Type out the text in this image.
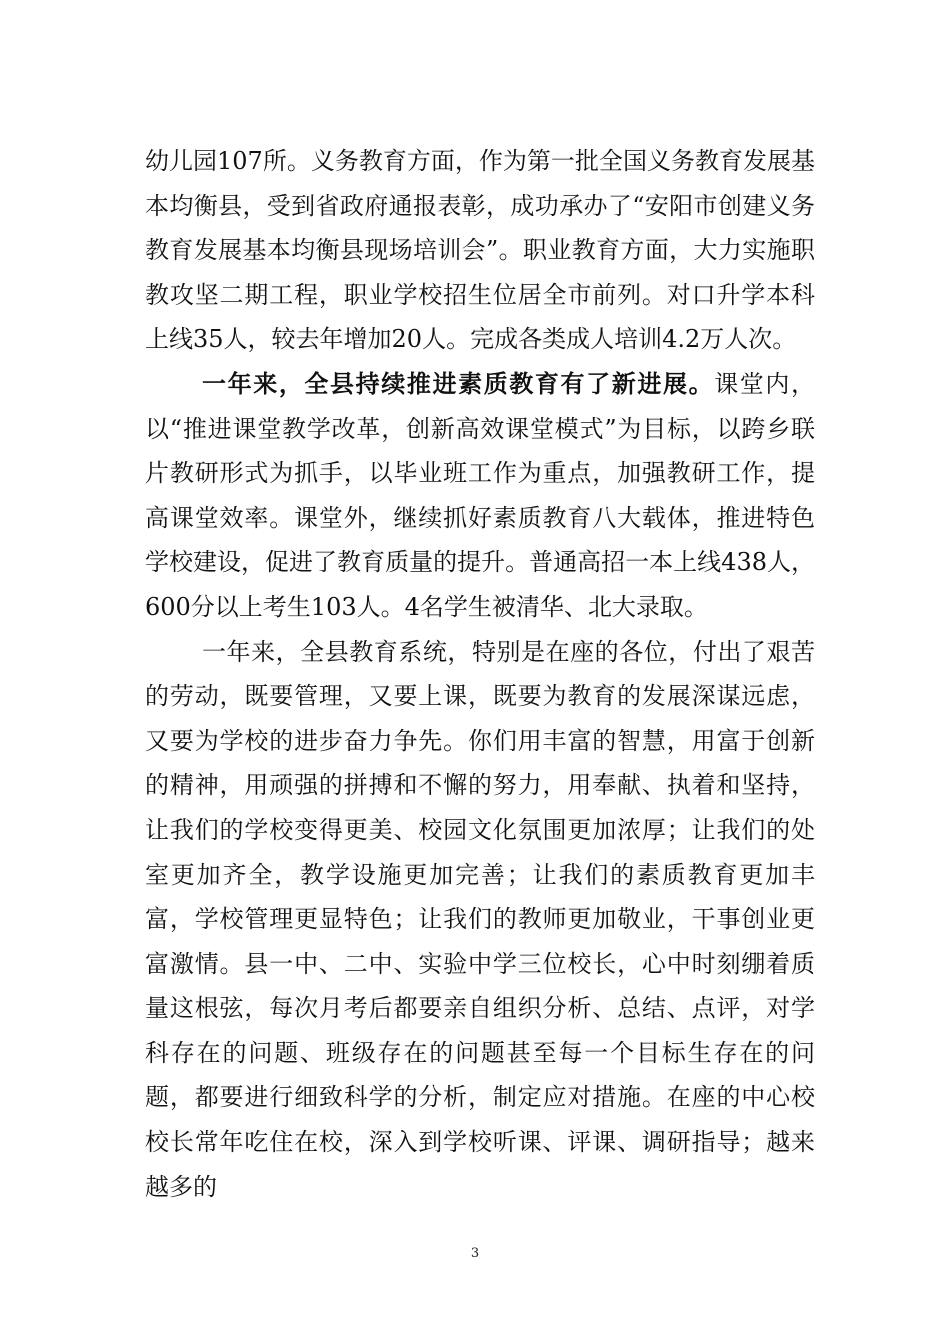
幼儿园107所。义务教育方面，作为第一批全国义务教育发展基本均衡县，受到省政府通报表彰，成功承办了“安阳市创建义务教育发展基本均衡县现场培训会”。职业教育方面，大力实施职教攻坚二期工程，职业学校招生位居全市前列。对口升学本科上线35人，较去年增加20人。完成各类成人培训4.2万人次。

一年来，全县持续推进素质教育有了新进展。课堂内，以“推进课堂教学改革，创新高效课堂模式”为目标，以跨乡联片教研形式为抓手，以毕业班工作为重点，加强教研工作，提高课堂效率。课堂外，继续抓好素质教育八大载体，推进特色学校建设，促进了教育质量的提升。普通高招一本上线438人，600分以上考生103人。4名学生被清华、北大录取。

一年来，全县教育系统，特别是在座的各位，付出了艰苦的劳动，既要管理，又要上课，既要为教育的发展深谋远虑，又要为学校的进步奋力争先。你们用丰富的智慧，用富于创新的精神，用顽强的拼搏和不懈的努力，用奉献、执着和坚持，让我们的学校变得更美、校园文化氛围更加浓厚；让我们的处室更加齐全，教学设施更加完善；让我们的素质教育更加丰富，学校管理更显特色；让我们的教师更加敬业，干事创业更富激情。县一中、二中、实验中学三位校长，心中时刻绷着质量这根弦，每次月考后都要亲自组织分析、总结、点评，对学科存在的问题、班级存在的问题甚至每一个目标生存在的问题，都要进行细致科学的分析，制定应对措施。在座的中心校校长常年吃住在校，深入到学校听课、评课、调研指导；越来越多的

3
